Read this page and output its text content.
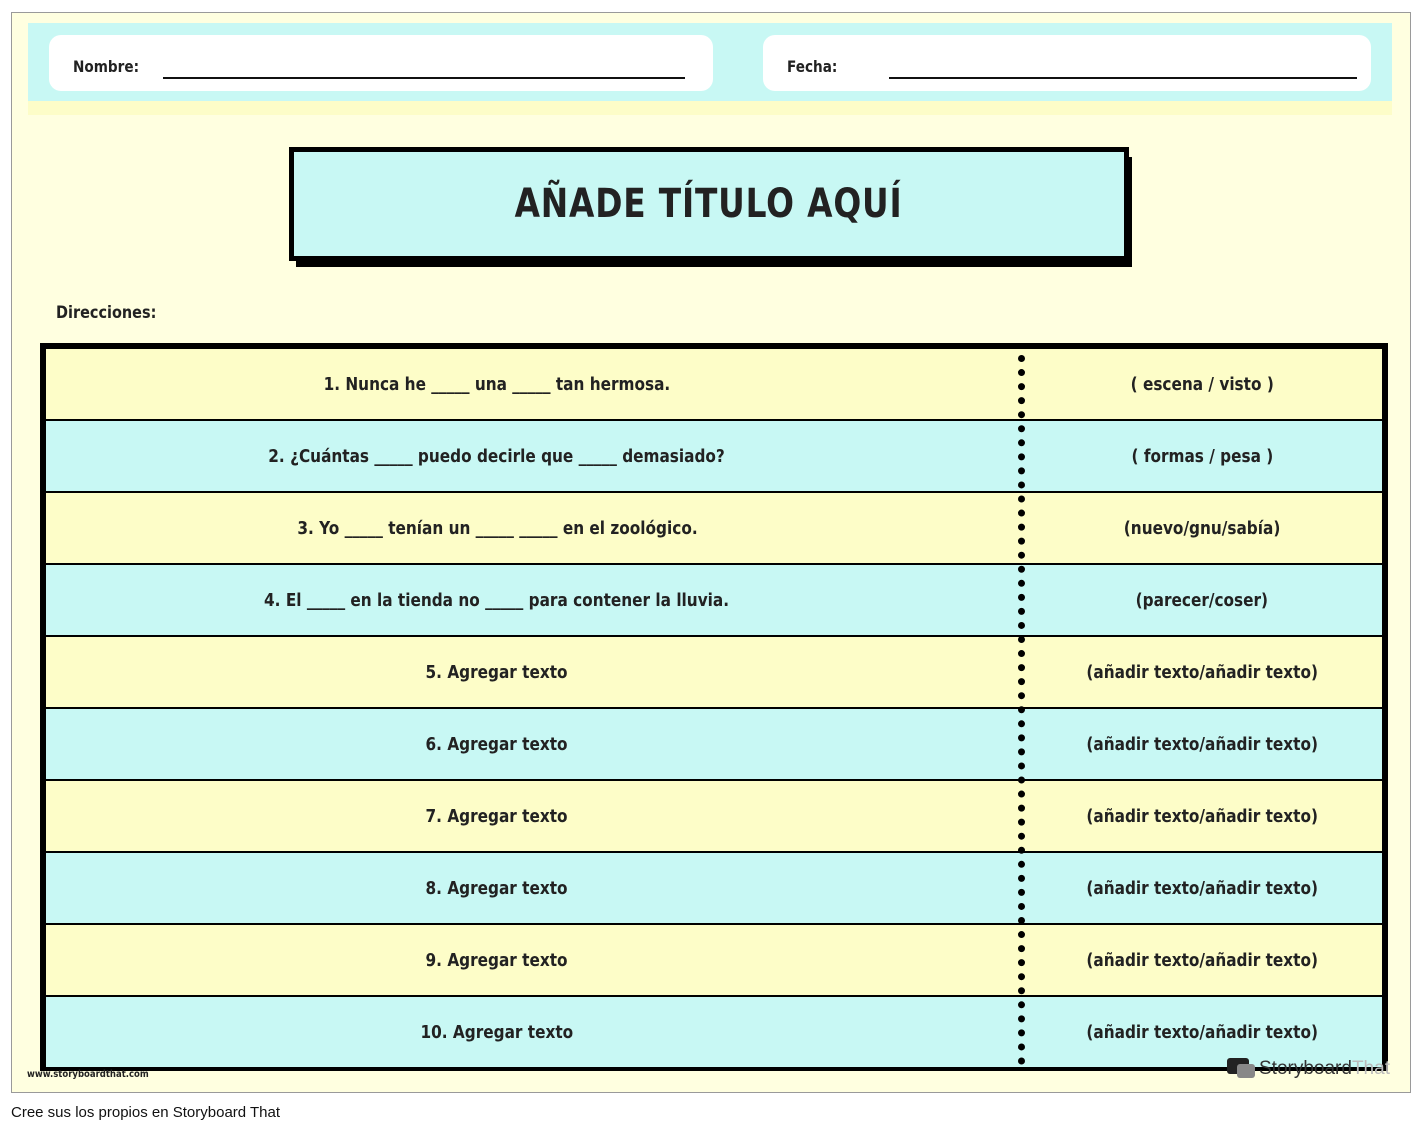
Nombre:	Fecha:
AÑADE TÍTULO AQUÍ
Direcciones:
1. Nunca he _____ una _____ tan hermosa.	( escena / visto )
2. ¿Cuántas _____ puedo decirle que _____ demasiado?	( formas / pesa )
3. Yo _____ tenían un _____ _____ en el zoológico.	(nuevo/gnu/sabía)
4. El _____ en la tienda no _____ para contener la lluvia.	(parecer/coser)
5. Agregar texto	(añadir texto/añadir texto)
6. Agregar texto	(añadir texto/añadir texto)
7. Agregar texto	(añadir texto/añadir texto)
8. Agregar texto	(añadir texto/añadir texto)
9. Agregar texto	(añadir texto/añadir texto)
10. Agregar texto	(añadir texto/añadir texto)
www.storyboardthat.com	Storyboard That
Cree sus los propios en Storyboard That
